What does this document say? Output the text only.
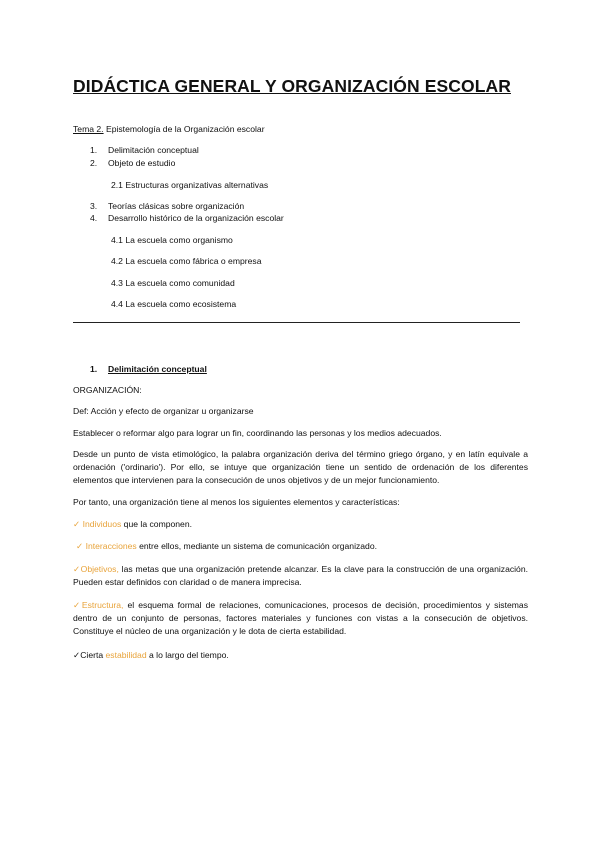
DIDÁCTICA GENERAL Y ORGANIZACIÓN ESCOLAR
Tema 2. Epistemología de la Organización escolar
1. Delimitación conceptual
2. Objeto de estudio
2.1 Estructuras organizativas alternativas
3. Teorías clásicas sobre organización
4. Desarrollo histórico de la organización escolar
4.1 La escuela como organismo
4.2 La escuela como fábrica o empresa
4.3 La escuela como comunidad
4.4 La escuela como ecosistema
1. Delimitación conceptual
ORGANIZACIÓN:
Def: Acción y efecto de organizar u organizarse
Establecer o reformar algo para lograr un fin, coordinando las personas y los medios adecuados.
Desde un punto de vista etimológico, la palabra organización deriva del término griego órgano, y en latín equivale a ordenación ('ordinario'). Por ello, se intuye que organización tiene un sentido de ordenación de los diferentes elementos que intervienen para la consecución de unos objetivos y de un mejor funcionamiento.
Por tanto, una organización tiene al menos los siguientes elementos y características:
✓ Individuos que la componen.
✓ Interacciones entre ellos, mediante un sistema de comunicación organizado.
✓Objetivos, las metas que una organización pretende alcanzar. Es la clave para la construcción de una organización. Pueden estar definidos con claridad o de manera imprecisa.
✓Estructura, el esquema formal de relaciones, comunicaciones, procesos de decisión, procedimientos y sistemas dentro de un conjunto de personas, factores materiales y funciones con vistas a la consecución de objetivos. Constituye el núcleo de una organización y le dota de cierta estabilidad.
✓Cierta estabilidad a lo largo del tiempo.
